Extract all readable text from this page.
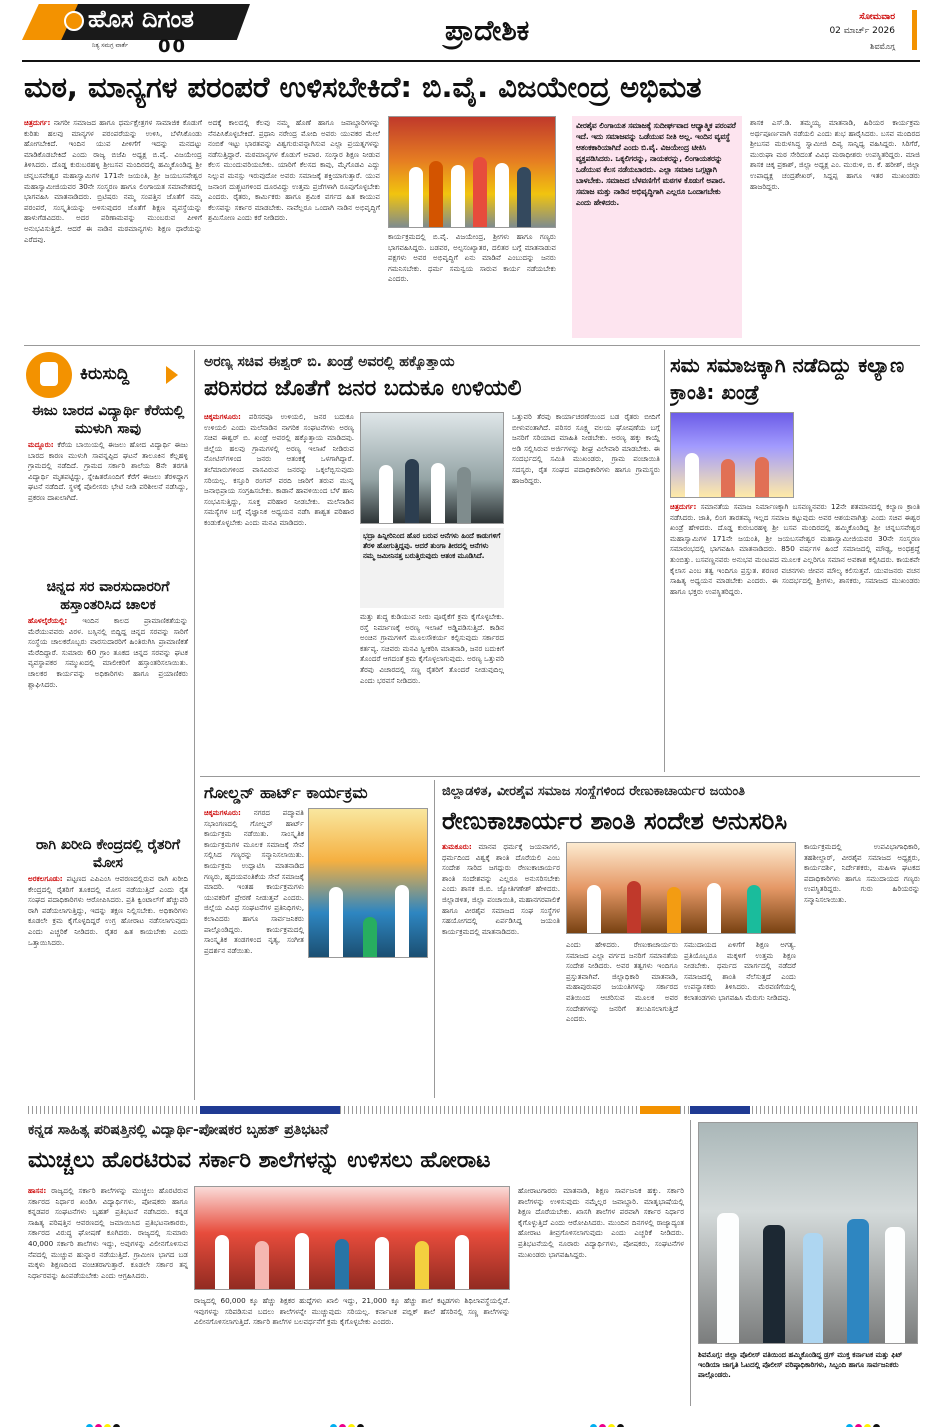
ಹೊಸ ದಿಗಂತ
ನಿತ್ಯ ಸಮಗ್ರ ವಾರ್ತೆ 00	ಪ್ರಾದೇಶಿಕ	ಸೋಮವಾರ
02 ಮಾರ್ಚ್ 2026
ಶಿವಮೊಗ್ಗ
ಮಠ, ಮಾನ್ಯಗಳ ಪರಂಪರೆ ಉಳಿಸಬೇಕಿದೆ: ಬಿ.ವೈ. ವಿಜಯೇಂದ್ರ ಅಭಿಮತ

ಚಿತ್ರದುರ್ಗ: ನಾಗರೀ ಸಮಾಜದ ಹಾಗೂ ಧರ್ಮಕ್ಷೇತ್ರಗಳ ಸಾಮಾಜಿಕ ಕೊಡುಗೆ ಕುರಿತು ಹಲವು ಮಾನ್ಯಗಳ ಪರಂಪರೆಯನ್ನು ಉಳಿಸಿ, ಬೆಳೆಸಿಕೊಂಡು ಹೋಗಬೇಕಿದೆ. ಇಂದಿನ ಯುವ ಪೀಳಿಗೆಗೆ ಇದನ್ನು ಮನದಟ್ಟು ಮಾಡಿಕೊಡಬೇಕಿದೆ ಎಂದು ರಾಜ್ಯ ಬಿಜೆಪಿ ಅಧ್ಯಕ್ಷ ಬಿ.ವೈ. ವಿಜಯೇಂದ್ರ ತಿಳಿಸಿದರು. ದೊಡ್ಡ ಕುರುಬರಹಳ್ಳಿ ಶ್ರೀಬಸವ ಮಂದಿರದಲ್ಲಿ ಹಮ್ಮಿಕೊಂಡಿದ್ದ ಶ್ರೀ ಚನ್ನಬಸವೇಶ್ವರ ಮಹಾಸ್ವಾಮಿಗಳ 171ನೇ ಜಯಂತಿ, ಶ್ರೀ ಜಯಬಸವೇಶ್ವರ ಮಹಾಸ್ವಾಮೀಜಿಯವರ 30ನೇ ಸಂಸ್ಮರಣ ಹಾಗೂ ಲಿಂಗಾಯತ ಸಮಾವೇಶದಲ್ಲಿ ಭಾಗವಹಿಸಿ ಮಾತನಾಡಿದರು. ಬ್ರಿಟಿಷರು ನಮ್ಮ ಸಂಪತ್ತಿನ ಜೊತೆಗೆ ನಮ್ಮ ಪರಂಪರೆ, ಸಂಸ್ಕೃತಿಯನ್ನು ಅಳಿಸುವುದರ ಜೊತೆಗೆ ಶಿಕ್ಷಣ ವ್ಯವಸ್ಥೆಯನ್ನು ಹಾಳುಗೆಡವಿದರು. ಅದರ ಪರಿಣಾಮವನ್ನು ಮುಂಬರುವ ಪೀಳಿಗೆ ಅನುಭವಿಸುತ್ತಿದೆ. ಆದರೆ ಈ ನಾಡಿನ ಮಠಮಾನ್ಯಗಳು ಶಿಕ್ಷಣ ಧಾರೆಯನ್ನು ಎರೆದವು.

ಅದಕ್ಕೆ ಕಾಲದಲ್ಲಿ ಕೆಲವು ನಮ್ಮ ಹೊಣೆ ಹಾಗೂ ಜವಾಬ್ದಾರಿಗಳನ್ನು ನೆನಪಿಸಿಕೊಳ್ಳಬೇಕಿದೆ. ಪ್ರಧಾನಿ ನರೇಂದ್ರ ಮೋದಿ ಅವರು ಯುವಕರ ಮೇಲೆ ನಂಬಿಕೆ ಇಟ್ಟು ಭಾರತವನ್ನು ವಿಶ್ವಗುರುವನ್ನಾಗಿಸುವ ಎಲ್ಲಾ ಪ್ರಯತ್ನಗಳನ್ನು ನಡೆಸುತ್ತಿದ್ದಾರೆ. ಮಠಮಾನ್ಯಗಳ ಕೊಡುಗೆ ಅಪಾರ. ಸಂಸ್ಕಾರ ಶಿಕ್ಷಣ ನೀಡುವ ಕೆಲಸ ಮುಂದುವರಿಯಬೇಕು. ಯಾರಿಗೆ ಕೆಲಸದ ಕಾವು, ಮೈಗೊಡವಿ ಎದ್ದು ನಿಲ್ಲುವ ಮನಸ್ಸು ಇರುವುದೋ ಅವರು ಸಮಾಜಕ್ಕೆ ಶಕ್ತಿಯಾಗುತ್ತಾರೆ. ಯುವ ಜನಾಂಗ ದುಶ್ಚಟಗಳಿಂದ ದೂರವಿದ್ದು ಉತ್ತಮ ಪ್ರಜೆಗಳಾಗಿ ರೂಪುಗೊಳ್ಳಬೇಕು ಎಂದರು. ರೈತರು, ಕಾರ್ಮಿಕರು ಹಾಗೂ ಶ್ರಮಿಕ ವರ್ಗದ ಹಿತ ಕಾಯುವ ಕೆಲಸವನ್ನು ಸರ್ಕಾರ ಮಾಡಬೇಕು. ನಾವೆಲ್ಲರೂ ಒಂದಾಗಿ ನಾಡಿನ ಅಭಿವೃದ್ಧಿಗೆ ಶ್ರಮಿಸೋಣ ಎಂದು ಕರೆ ನೀಡಿದರು.
ಕಾರ್ಯಕ್ರಮದಲ್ಲಿ ಬಿ.ವೈ. ವಿಜಯೇಂದ್ರ, ಶ್ರೀಗಳು ಹಾಗೂ ಗಣ್ಯರು ಭಾಗವಹಿಸಿದ್ದರು. ಬಡವರ, ಅಲ್ಪಸಂಖ್ಯಾತರ, ದಲಿತರ ಬಗ್ಗೆ ಮಾತನಾಡುವ ಪಕ್ಷಗಳು ಅವರ ಅಭಿವೃದ್ಧಿಗೆ ಏನು ಮಾಡಿವೆ ಎಂಬುದನ್ನು ಜನರು ಗಮನಿಸಬೇಕು. ಧರ್ಮ ಸಮನ್ವಯ ಸಾರುವ ಕಾರ್ಯ ನಡೆಯಬೇಕು ಎಂದರು.
ವೀರಶೈವ ಲಿಂಗಾಯತ ಸಮಾಜಕ್ಕೆ ಸುದೀರ್ಘವಾದ ಆಧ್ಯಾತ್ಮಿಕ ಪರಂಪರೆ ಇದೆ. ಇದು ಸಮಾಜವನ್ನು ಒಡೆಯುವ ನೀತಿ ಅಲ್ಲ. ಇಂದಿನ ವ್ಯವಸ್ಥೆ ಆತಂಕಕಾರಿಯಾಗಿದೆ ಎಂದು ಬಿ.ವೈ. ವಿಜಯೇಂದ್ರ ಟೀಕಿಸಿ ವ್ಯಕ್ತಪಡಿಸಿದರು. ಒಕ್ಕಲಿಗರನ್ನು, ನಾಯಕರನ್ನು, ಲಿಂಗಾಯತರನ್ನು ಒಡೆಯುವ ಕೆಲಸ ನಡೆಯಬಾರದು. ಎಲ್ಲಾ ಸಮಾಜ ಒಗ್ಗಟ್ಟಾಗಿ ಬಾಳಬೇಕು. ಸಮಾಜದ ಬೆಳವಣಿಗೆಗೆ ಮಠಗಳ ಕೊಡುಗೆ ಅಪಾರ. ಸಮಾಜ ಮತ್ತು ನಾಡಿನ ಅಭಿವೃದ್ಧಿಗಾಗಿ ಎಲ್ಲರೂ ಒಂದಾಗಬೇಕು ಎಂದು ಹೇಳಿದರು.
ಶಾಸಕ ಎಸ್.ಡಿ. ತಮ್ಮಯ್ಯ ಮಾತನಾಡಿ, ಹಿರಿಯರ ಕಾರ್ಯಕ್ರಮ ಅರ್ಥಪೂರ್ಣವಾಗಿ ನಡೆಯಲಿ ಎಂದು ಶುಭ ಹಾರೈಸಿದರು. ಬಸವ ಮಂದಿರದ ಶ್ರೀಬಸವ ಮರುಳಸಿದ್ಧ ಸ್ವಾಮೀಜಿ ದಿವ್ಯ ಸಾನ್ನಿಧ್ಯ ವಹಿಸಿದ್ದರು. ಸಿರಿಗೆರೆ, ಮುರುಘಾ ಮಠ ಸೇರಿದಂತೆ ವಿವಿಧ ಮಠಾಧೀಶರು ಉಪಸ್ಥಿತರಿದ್ದರು. ಮಾಜಿ ಶಾಸಕ ಚಿಕ್ಕ ಪ್ರಕಾಶ್, ಜಿಲ್ಲಾ ಅಧ್ಯಕ್ಷ ಎಂ. ಮುರುಳಿ, ಬಿ. ಕೆ. ಹರೀಶ್, ಜಿಲ್ಲಾ ಉಪಾಧ್ಯಕ್ಷ ಚಂದ್ರಶೇಖರ್, ಸಿದ್ದಪ್ಪ ಹಾಗೂ ಇತರ ಮುಖಂಡರು ಹಾಜರಿದ್ದರು.
ಕಿರುಸುದ್ದಿ
ಈಜು ಬಾರದ ವಿದ್ಯಾರ್ಥಿ ಕೆರೆಯಲ್ಲಿ ಮುಳುಗಿ ಸಾವು
ಮದ್ದೂರು: ಕೆರೆಯ ಬಾಯಿಯಲ್ಲಿ ಈಜಲು ಹೋದ ವಿದ್ಯಾರ್ಥಿ ಈಜು ಬಾರದ ಕಾರಣ ಮುಳುಗಿ ಸಾವನ್ನಪ್ಪಿದ ಘಟನೆ ತಾಲೂಕಿನ ಕೆಲ್ಲಹಳ್ಳಿ ಗ್ರಾಮದಲ್ಲಿ ನಡೆದಿದೆ. ಗ್ರಾಮದ ಸರ್ಕಾರಿ ಶಾಲೆಯ 8ನೇ ತರಗತಿ ವಿದ್ಯಾರ್ಥಿ ಮೃತಪಟ್ಟಿದ್ದು, ಸ್ನೇಹಿತರೊಂದಿಗೆ ಕೆರೆಗೆ ಈಜಲು ತೆರಳಿದ್ದಾಗ ಘಟನೆ ನಡೆದಿದೆ. ಸ್ಥಳಕ್ಕೆ ಪೊಲೀಸರು ಭೇಟಿ ನೀಡಿ ಪರಿಶೀಲನೆ ನಡೆಸಿದ್ದು, ಪ್ರಕರಣ ದಾಖಲಾಗಿದೆ.
ಚಿನ್ನದ ಸರ ವಾರಸುದಾರರಿಗೆ ಹಸ್ತಾಂತರಿಸಿದ ಚಾಲಕ
ಹೊಳಲ್ಕೆರೆಯಲ್ಲಿ: ಇಂದಿನ ಕಾಲದ ಪ್ರಾಮಾಣಿಕತೆಯನ್ನು ಮೆರೆಯುವವರು ವಿರಳ. ಬಸ್ಸಿನಲ್ಲಿ ಬಿದ್ದಿದ್ದ ಚಿನ್ನದ ಸರವನ್ನು ಸಾರಿಗೆ ಸಂಸ್ಥೆಯ ಚಾಲಕರೊಬ್ಬರು ವಾರಸುದಾರರಿಗೆ ಹಿಂತಿರುಗಿಸಿ ಪ್ರಾಮಾಣಿಕತೆ ಮೆರೆದಿದ್ದಾರೆ. ಸುಮಾರು 60 ಗ್ರಾಂ ತೂಕದ ಚಿನ್ನದ ಸರವನ್ನು ಘಟಕ ವ್ಯವಸ್ಥಾಪಕರ ಸಮ್ಮುಖದಲ್ಲಿ ಮಾಲೀಕರಿಗೆ ಹಸ್ತಾಂತರಿಸಲಾಯಿತು. ಚಾಲಕರ ಕಾರ್ಯವನ್ನು ಅಧಿಕಾರಿಗಳು ಹಾಗೂ ಪ್ರಯಾಣಿಕರು ಶ್ಲಾಘಿಸಿದರು.
ರಾಗಿ ಖರೀದಿ ಕೇಂದ್ರದಲ್ಲಿ ರೈತರಿಗೆ ಮೋಸ
ಅರಕಲಗೂಡು: ಪಟ್ಟಣದ ಎಪಿಎಂಸಿ ಆವರಣದಲ್ಲಿರುವ ರಾಗಿ ಖರೀದಿ ಕೇಂದ್ರದಲ್ಲಿ ರೈತರಿಗೆ ತೂಕದಲ್ಲಿ ಮೋಸ ನಡೆಯುತ್ತಿದೆ ಎಂದು ರೈತ ಸಂಘದ ಪದಾಧಿಕಾರಿಗಳು ಆರೋಪಿಸಿದರು. ಪ್ರತಿ ಕ್ವಿಂಟಾಲ್‌ಗೆ ಹೆಚ್ಚುವರಿ ರಾಗಿ ಪಡೆಯಲಾಗುತ್ತಿದ್ದು, ಇದನ್ನು ತಕ್ಷಣ ನಿಲ್ಲಿಸಬೇಕು. ಅಧಿಕಾರಿಗಳು ಕೂಡಲೇ ಕ್ರಮ ಕೈಗೊಳ್ಳದಿದ್ದರೆ ಉಗ್ರ ಹೋರಾಟ ನಡೆಸಲಾಗುವುದು ಎಂದು ಎಚ್ಚರಿಕೆ ನೀಡಿದರು. ರೈತರ ಹಿತ ಕಾಯಬೇಕು ಎಂದು ಒತ್ತಾಯಿಸಿದರು.
ಅರಣ್ಯ ಸಚಿವ ಈಶ್ವರ್ ಬಿ. ಖಂಡ್ರೆ ಅವರಲ್ಲಿ ಹಕ್ಕೊತ್ತಾಯ
ಪರಿಸರದ ಜೊತೆಗೆ ಜನರ ಬದುಕೂ ಉಳಿಯಲಿ
ಚಿಕ್ಕಮಗಳೂರು: ಪರಿಸರವೂ ಉಳಿಯಲಿ, ಜನರ ಬದುಕೂ ಉಳಿಯಲಿ ಎಂದು ಮಲೆನಾಡಿನ ನಾಗರಿಕ ಸಂಘಟನೆಗಳು ಅರಣ್ಯ ಸಚಿವ ಈಶ್ವರ್ ಬಿ. ಖಂಡ್ರೆ ಅವರಲ್ಲಿ ಹಕ್ಕೊತ್ತಾಯ ಮಾಡಿದವು. ಜಿಲ್ಲೆಯ ಹಲವು ಗ್ರಾಮಗಳಲ್ಲಿ ಅರಣ್ಯ ಇಲಾಖೆ ನೀಡಿರುವ ನೋಟಿಸ್‌ಗಳಿಂದ ಜನರು ಆತಂಕಕ್ಕೆ ಒಳಗಾಗಿದ್ದಾರೆ. ತಲೆಮಾರುಗಳಿಂದ ವಾಸವಿರುವ ಜನರನ್ನು ಒಕ್ಕಲೆಬ್ಬಿಸುವುದು ಸರಿಯಲ್ಲ. ಕಸ್ತೂರಿ ರಂಗನ್ ವರದಿ ಜಾರಿಗೆ ತರುವ ಮುನ್ನ ಜನಾಭಿಪ್ರಾಯ ಸಂಗ್ರಹಿಸಬೇಕು. ಕಾಡಾನೆ ಹಾವಳಿಯಿಂದ ಬೆಳೆ ಹಾನಿ ಸಂಭವಿಸುತ್ತಿದ್ದು, ಸೂಕ್ತ ಪರಿಹಾರ ನೀಡಬೇಕು. ಮಲೆನಾಡಿನ ಸಮಸ್ಯೆಗಳ ಬಗ್ಗೆ ವೈಜ್ಞಾನಿಕ ಅಧ್ಯಯನ ನಡೆಸಿ ಶಾಶ್ವತ ಪರಿಹಾರ ಕಂಡುಕೊಳ್ಳಬೇಕು ಎಂದು ಮನವಿ ಮಾಡಿದರು.
ಭದ್ರಾ ಹಿನ್ನೀರಿನಿಂದ ಹೊರ ಬರುವ ಆನೆಗಳು ಹಿಂದೆ ಕಾಡುಗಳಿಗೆ ತೆರಳಿ ಹೋಗುತ್ತಿದ್ದವು. ಆದರೆ ತುಂಗಾ ತೀರದಲ್ಲಿ ಆನೆಗಳು ನಮ್ಮ ಜಮೀನಿನತ್ತ ಬರುತ್ತಿರುವುದು ಆತಂಕ ಮೂಡಿಸಿದೆ.
ಮತ್ತು ಶುದ್ಧ ಕುಡಿಯುವ ನೀರು ಪೂರೈಕೆಗೆ ಕ್ರಮ ಕೈಗೊಳ್ಳಬೇಕು. ರಸ್ತೆ ನಿರ್ಮಾಣಕ್ಕೆ ಅರಣ್ಯ ಇಲಾಖೆ ಅಡ್ಡಿಪಡಿಸುತ್ತಿದೆ. ಕಾಡಿನ ಅಂಚಿನ ಗ್ರಾಮಗಳಿಗೆ ಮೂಲಸೌಕರ್ಯ ಕಲ್ಪಿಸುವುದು ಸರ್ಕಾರದ ಕರ್ತವ್ಯ. ಸಚಿವರು ಮನವಿ ಸ್ವೀಕರಿಸಿ ಮಾತನಾಡಿ, ಜನರ ಬದುಕಿಗೆ ತೊಂದರೆ ಆಗದಂತೆ ಕ್ರಮ ಕೈಗೊಳ್ಳಲಾಗುವುದು. ಅರಣ್ಯ ಒತ್ತುವರಿ ತೆರವು ವಿಚಾರದಲ್ಲಿ ಸಣ್ಣ ರೈತರಿಗೆ ತೊಂದರೆ ನೀಡುವುದಿಲ್ಲ ಎಂದು ಭರವಸೆ ನೀಡಿದರು.
ಒತ್ತುವರಿ ತೆರವು ಕಾರ್ಯಾಚರಣೆಯಿಂದ ಬಡ ರೈತರು ಬೀದಿಗೆ ಬೀಳುವಂತಾಗಿದೆ. ಪರಿಸರ ಸೂಕ್ಷ್ಮ ವಲಯ ಘೋಷಣೆಯ ಬಗ್ಗೆ ಜನರಿಗೆ ಸರಿಯಾದ ಮಾಹಿತಿ ನೀಡಬೇಕು. ಅರಣ್ಯ ಹಕ್ಕು ಕಾಯ್ದೆ ಅಡಿ ಸಲ್ಲಿಸಿರುವ ಅರ್ಜಿಗಳನ್ನು ಶೀಘ್ರ ವಿಲೇವಾರಿ ಮಾಡಬೇಕು. ಈ ಸಂದರ್ಭದಲ್ಲಿ ಸಮಿತಿ ಮುಖಂಡರು, ಗ್ರಾಮ ಪಂಚಾಯಿತಿ ಸದಸ್ಯರು, ರೈತ ಸಂಘದ ಪದಾಧಿಕಾರಿಗಳು ಹಾಗೂ ಗ್ರಾಮಸ್ಥರು ಹಾಜರಿದ್ದರು.
ಸಮ ಸಮಾಜಕ್ಕಾಗಿ ನಡೆದಿದ್ದು ಕಲ್ಯಾಣ ಕ್ರಾಂತಿ: ಖಂಡ್ರೆ
ಚಿತ್ರದುರ್ಗ: ಸಮಾನತೆಯ ಸಮಾಜ ನಿರ್ಮಾಣಕ್ಕಾಗಿ ಬಸವಣ್ಣನವರು 12ನೇ ಶತಮಾನದಲ್ಲಿ ಕಲ್ಯಾಣ ಕ್ರಾಂತಿ ನಡೆಸಿದರು. ಜಾತಿ, ಲಿಂಗ ತಾರತಮ್ಯ ಇಲ್ಲದ ಸಮಾಜ ಕಟ್ಟುವುದು ಅವರ ಆಶಯವಾಗಿತ್ತು ಎಂದು ಸಚಿವ ಈಶ್ವರ ಖಂಡ್ರೆ ಹೇಳಿದರು. ದೊಡ್ಡ ಕುರುಬರಹಳ್ಳಿ ಶ್ರೀ ಬಸವ ಮಂದಿರದಲ್ಲಿ ಹಮ್ಮಿಕೊಂಡಿದ್ದ ಶ್ರೀ ಚನ್ನಬಸವೇಶ್ವರ ಮಹಾಸ್ವಾಮಿಗಳ 171ನೇ ಜಯಂತಿ, ಶ್ರೀ ಜಯಬಸವೇಶ್ವರ ಮಹಾಸ್ವಾಮೀಜಿಯವರ 30ನೇ ಸಂಸ್ಮರಣ ಸಮಾರಂಭದಲ್ಲಿ ಭಾಗವಹಿಸಿ ಮಾತನಾಡಿದರು. 850 ವರ್ಷಗಳ ಹಿಂದೆ ಸಮಾಜದಲ್ಲಿ ಮೌಢ್ಯ, ಅಂಧಶ್ರದ್ಧೆ ತುಂಬಿತ್ತು. ಬಸವಣ್ಣನವರು ಅನುಭವ ಮಂಟಪದ ಮೂಲಕ ಎಲ್ಲರಿಗೂ ಸಮಾನ ಅವಕಾಶ ಕಲ್ಪಿಸಿದರು. ಕಾಯಕವೇ ಕೈಲಾಸ ಎಂಬ ತತ್ವ ಇಂದಿಗೂ ಪ್ರಸ್ತುತ. ಶರಣರ ವಚನಗಳು ಜೀವನ ಮೌಲ್ಯ ಕಲಿಸುತ್ತವೆ. ಯುವಜನರು ವಚನ ಸಾಹಿತ್ಯ ಅಧ್ಯಯನ ಮಾಡಬೇಕು ಎಂದರು. ಈ ಸಂದರ್ಭದಲ್ಲಿ ಶ್ರೀಗಳು, ಶಾಸಕರು, ಸಮಾಜದ ಮುಖಂಡರು ಹಾಗೂ ಭಕ್ತರು ಉಪಸ್ಥಿತರಿದ್ದರು.
ಗೋಲ್ಡನ್ ಹಾರ್ಟ್ ಕಾರ್ಯಕ್ರಮ
ಚಿಕ್ಕಮಗಳೂರು: ನಗರದ ಪದ್ಮಾವತಿ ಸಭಾಂಗಣದಲ್ಲಿ ಗೋಲ್ಡನ್ ಹಾರ್ಟ್ ಕಾರ್ಯಕ್ರಮ ನಡೆಯಿತು. ಸಾಂಸ್ಕೃತಿಕ ಕಾರ್ಯಕ್ರಮಗಳ ಮೂಲಕ ಸಮಾಜಕ್ಕೆ ಸೇವೆ ಸಲ್ಲಿಸಿದ ಗಣ್ಯರನ್ನು ಸನ್ಮಾನಿಸಲಾಯಿತು. ಕಾರ್ಯಕ್ರಮ ಉದ್ಘಾಟಿಸಿ ಮಾತನಾಡಿದ ಗಣ್ಯರು, ಹೃದಯವಂತಿಕೆಯ ಸೇವೆ ಸಮಾಜಕ್ಕೆ ಮಾದರಿ. ಇಂತಹ ಕಾರ್ಯಕ್ರಮಗಳು ಯುವಕರಿಗೆ ಪ್ರೇರಣೆ ನೀಡುತ್ತವೆ ಎಂದರು. ಜಿಲ್ಲೆಯ ವಿವಿಧ ಸಂಘಟನೆಗಳ ಪ್ರತಿನಿಧಿಗಳು, ಕಲಾವಿದರು ಹಾಗೂ ಸಾರ್ವಜನಿಕರು ಪಾಲ್ಗೊಂಡಿದ್ದರು. ಕಾರ್ಯಕ್ರಮದಲ್ಲಿ ಸಾಂಸ್ಕೃತಿಕ ತಂಡಗಳಿಂದ ನೃತ್ಯ, ಸಂಗೀತ ಪ್ರದರ್ಶನ ನಡೆಯಿತು.
ಜಿಲ್ಲಾಡಳಿತ, ವೀರಶೈವ ಸಮಾಜ ಸಂಸ್ಥೆಗಳಿಂದ ರೇಣುಕಾಚಾರ್ಯರ ಜಯಂತಿ
ರೇಣುಕಾಚಾರ್ಯರ ಶಾಂತಿ ಸಂದೇಶ ಅನುಸರಿಸಿ
ತುಮಕೂರು: ಮಾನವ ಧರ್ಮಕ್ಕೆ ಜಯವಾಗಲಿ, ಧರ್ಮದಿಂದ ವಿಶ್ವಕ್ಕೆ ಶಾಂತಿ ದೊರೆಯಲಿ ಎಂಬ ಸಂದೇಶ ಸಾರಿದ ಜಗದ್ಗುರು ರೇಣುಕಾಚಾರ್ಯರ ಶಾಂತಿ ಸಂದೇಶವನ್ನು ಎಲ್ಲರೂ ಅನುಸರಿಸಬೇಕು ಎಂದು ಶಾಸಕ ಜಿ.ಬಿ. ಜ್ಯೋತಿಗಣೇಶ್ ಹೇಳಿದರು. ಜಿಲ್ಲಾಡಳಿತ, ಜಿಲ್ಲಾ ಪಂಚಾಯಿತಿ, ಮಹಾನಗರಪಾಲಿಕೆ ಹಾಗೂ ವೀರಶೈವ ಸಮಾಜದ ಸಂಘ ಸಂಸ್ಥೆಗಳ ಸಹಯೋಗದಲ್ಲಿ ಏರ್ಪಡಿಸಿದ್ದ ಜಯಂತಿ ಕಾರ್ಯಕ್ರಮದಲ್ಲಿ ಮಾತನಾಡಿದರು.
ಎಂದು ಹೇಳಿದರು. ರೇಣುಕಾಚಾರ್ಯರು ಸಮಾಜದ ಎಲ್ಲಾ ವರ್ಗದ ಜನರಿಗೆ ಸಮಾನತೆಯ ಸಂದೇಶ ನೀಡಿದರು. ಅವರ ತತ್ವಗಳು ಇಂದಿಗೂ ಪ್ರಸ್ತುತವಾಗಿವೆ. ಜಿಲ್ಲಾಧಿಕಾರಿ ಮಾತನಾಡಿ, ಮಹಾಪುರುಷರ ಜಯಂತಿಗಳನ್ನು ಸರ್ಕಾರದ ವತಿಯಿಂದ ಆಚರಿಸುವ ಮೂಲಕ ಅವರ ಸಂದೇಶಗಳನ್ನು ಜನರಿಗೆ ತಲುಪಿಸಲಾಗುತ್ತಿದೆ ಎಂದರು.
ಸಮುದಾಯದ ಏಳಿಗೆಗೆ ಶಿಕ್ಷಣ ಅಗತ್ಯ. ಪ್ರತಿಯೊಬ್ಬರೂ ಮಕ್ಕಳಿಗೆ ಉತ್ತಮ ಶಿಕ್ಷಣ ನೀಡಬೇಕು. ಧರ್ಮದ ಮಾರ್ಗದಲ್ಲಿ ನಡೆದರೆ ಸಮಾಜದಲ್ಲಿ ಶಾಂತಿ ನೆಲೆಸುತ್ತದೆ ಎಂದು ಉಪನ್ಯಾಸಕರು ತಿಳಿಸಿದರು. ಮೆರವಣಿಗೆಯಲ್ಲಿ ಕಲಾತಂಡಗಳು ಭಾಗವಹಿಸಿ ಮೆರುಗು ನೀಡಿದವು.
ಕಾರ್ಯಕ್ರಮದಲ್ಲಿ ಉಪವಿಭಾಗಾಧಿಕಾರಿ, ತಹಶೀಲ್ದಾರ್, ವೀರಶೈವ ಸಮಾಜದ ಅಧ್ಯಕ್ಷರು, ಕಾರ್ಯದರ್ಶಿ, ನಿರ್ದೇಶಕರು, ಮಹಿಳಾ ಘಟಕದ ಪದಾಧಿಕಾರಿಗಳು ಹಾಗೂ ಸಮುದಾಯದ ಗಣ್ಯರು ಉಪಸ್ಥಿತರಿದ್ದರು. ಗುರು ಹಿರಿಯರನ್ನು ಸನ್ಮಾನಿಸಲಾಯಿತು.
ಕನ್ನಡ ಸಾಹಿತ್ಯ ಪರಿಷತ್ತಿನಲ್ಲಿ ವಿದ್ಯಾರ್ಥಿ-ಪೋಷಕರ ಬೃಹತ್ ಪ್ರತಿಭಟನೆ
ಮುಚ್ಚಲು ಹೊರಟಿರುವ ಸರ್ಕಾರಿ ಶಾಲೆಗಳನ್ನು ಉಳಿಸಲು ಹೋರಾಟ
ಹಾಸನ: ರಾಜ್ಯದಲ್ಲಿ ಸರ್ಕಾರಿ ಶಾಲೆಗಳನ್ನು ಮುಚ್ಚಲು ಹೊರಟಿರುವ ಸರ್ಕಾರದ ನಿರ್ಧಾರ ಖಂಡಿಸಿ ವಿದ್ಯಾರ್ಥಿಗಳು, ಪೋಷಕರು ಹಾಗೂ ಕನ್ನಡಪರ ಸಂಘಟನೆಗಳು ಬೃಹತ್ ಪ್ರತಿಭಟನೆ ನಡೆಸಿದರು. ಕನ್ನಡ ಸಾಹಿತ್ಯ ಪರಿಷತ್ತಿನ ಆವರಣದಲ್ಲಿ ಜಮಾಯಿಸಿದ ಪ್ರತಿಭಟನಾಕಾರರು, ಸರ್ಕಾರದ ವಿರುದ್ಧ ಘೋಷಣೆ ಕೂಗಿದರು. ರಾಜ್ಯದಲ್ಲಿ ಸುಮಾರು 40,000 ಸರ್ಕಾರಿ ಶಾಲೆಗಳು ಇದ್ದು, ಅವುಗಳನ್ನು ವಿಲೀನಗೊಳಿಸುವ ನೆಪದಲ್ಲಿ ಮುಚ್ಚುವ ಹುನ್ನಾರ ನಡೆಯುತ್ತಿದೆ. ಗ್ರಾಮೀಣ ಭಾಗದ ಬಡ ಮಕ್ಕಳು ಶಿಕ್ಷಣದಿಂದ ವಂಚಿತರಾಗುತ್ತಾರೆ. ಕೂಡಲೇ ಸರ್ಕಾರ ತನ್ನ ನಿರ್ಧಾರವನ್ನು ಹಿಂಪಡೆಯಬೇಕು ಎಂದು ಆಗ್ರಹಿಸಿದರು.
ರಾಜ್ಯದಲ್ಲಿ 60,000 ಕ್ಕೂ ಹೆಚ್ಚು ಶಿಕ್ಷಕರ ಹುದ್ದೆಗಳು ಖಾಲಿ ಇದ್ದು, 21,000 ಕ್ಕೂ ಹೆಚ್ಚು ಶಾಲೆ ಕಟ್ಟಡಗಳು ಶಿಥಿಲಾವಸ್ಥೆಯಲ್ಲಿವೆ. ಇವುಗಳನ್ನು ಸರಿಪಡಿಸುವ ಬದಲು ಶಾಲೆಗಳನ್ನೇ ಮುಚ್ಚುವುದು ಸರಿಯಲ್ಲ. ಕರ್ನಾಟಕ ಪಬ್ಲಿಕ್ ಶಾಲೆ ಹೆಸರಿನಲ್ಲಿ ಸಣ್ಣ ಶಾಲೆಗಳನ್ನು ವಿಲೀನಗೊಳಿಸಲಾಗುತ್ತಿದೆ. ಸರ್ಕಾರಿ ಶಾಲೆಗಳ ಬಲವರ್ಧನೆಗೆ ಕ್ರಮ ಕೈಗೊಳ್ಳಬೇಕು ಎಂದರು.
ಹೋರಾಟಗಾರರು ಮಾತನಾಡಿ, ಶಿಕ್ಷಣ ಸಾರ್ವಜನಿಕ ಹಕ್ಕು. ಸರ್ಕಾರಿ ಶಾಲೆಗಳನ್ನು ಉಳಿಸುವುದು ನಮ್ಮೆಲ್ಲರ ಜವಾಬ್ದಾರಿ. ಮಾತೃಭಾಷೆಯಲ್ಲಿ ಶಿಕ್ಷಣ ದೊರೆಯಬೇಕು. ಖಾಸಗಿ ಶಾಲೆಗಳ ಪರವಾಗಿ ಸರ್ಕಾರ ನಿರ್ಧಾರ ಕೈಗೊಳ್ಳುತ್ತಿದೆ ಎಂದು ಆರೋಪಿಸಿದರು. ಮುಂದಿನ ದಿನಗಳಲ್ಲಿ ರಾಜ್ಯಾದ್ಯಂತ ಹೋರಾಟ ತೀವ್ರಗೊಳಿಸಲಾಗುವುದು ಎಂದು ಎಚ್ಚರಿಕೆ ನೀಡಿದರು. ಪ್ರತಿಭಟನೆಯಲ್ಲಿ ನೂರಾರು ವಿದ್ಯಾರ್ಥಿಗಳು, ಪೋಷಕರು, ಸಂಘಟನೆಗಳ ಮುಖಂಡರು ಭಾಗವಹಿಸಿದ್ದರು.
ಶಿವಮೊಗ್ಗ: ಜಿಲ್ಲಾ ಪೊಲೀಸ್ ವತಿಯಿಂದ ಹಮ್ಮಿಕೊಂಡಿದ್ದ ಡ್ರಗ್ ಮುಕ್ತ ಕರ್ನಾಟಕ ಮತ್ತು ಫಿಟ್ ಇಂಡಿಯಾ ಜಾಗೃತಿ ಓಟದಲ್ಲಿ ಪೊಲೀಸ್ ವರಿಷ್ಠಾಧಿಕಾರಿಗಳು, ಸಿಬ್ಬಂದಿ ಹಾಗೂ ಸಾರ್ವಜನಿಕರು ಪಾಲ್ಗೊಂಡರು.
